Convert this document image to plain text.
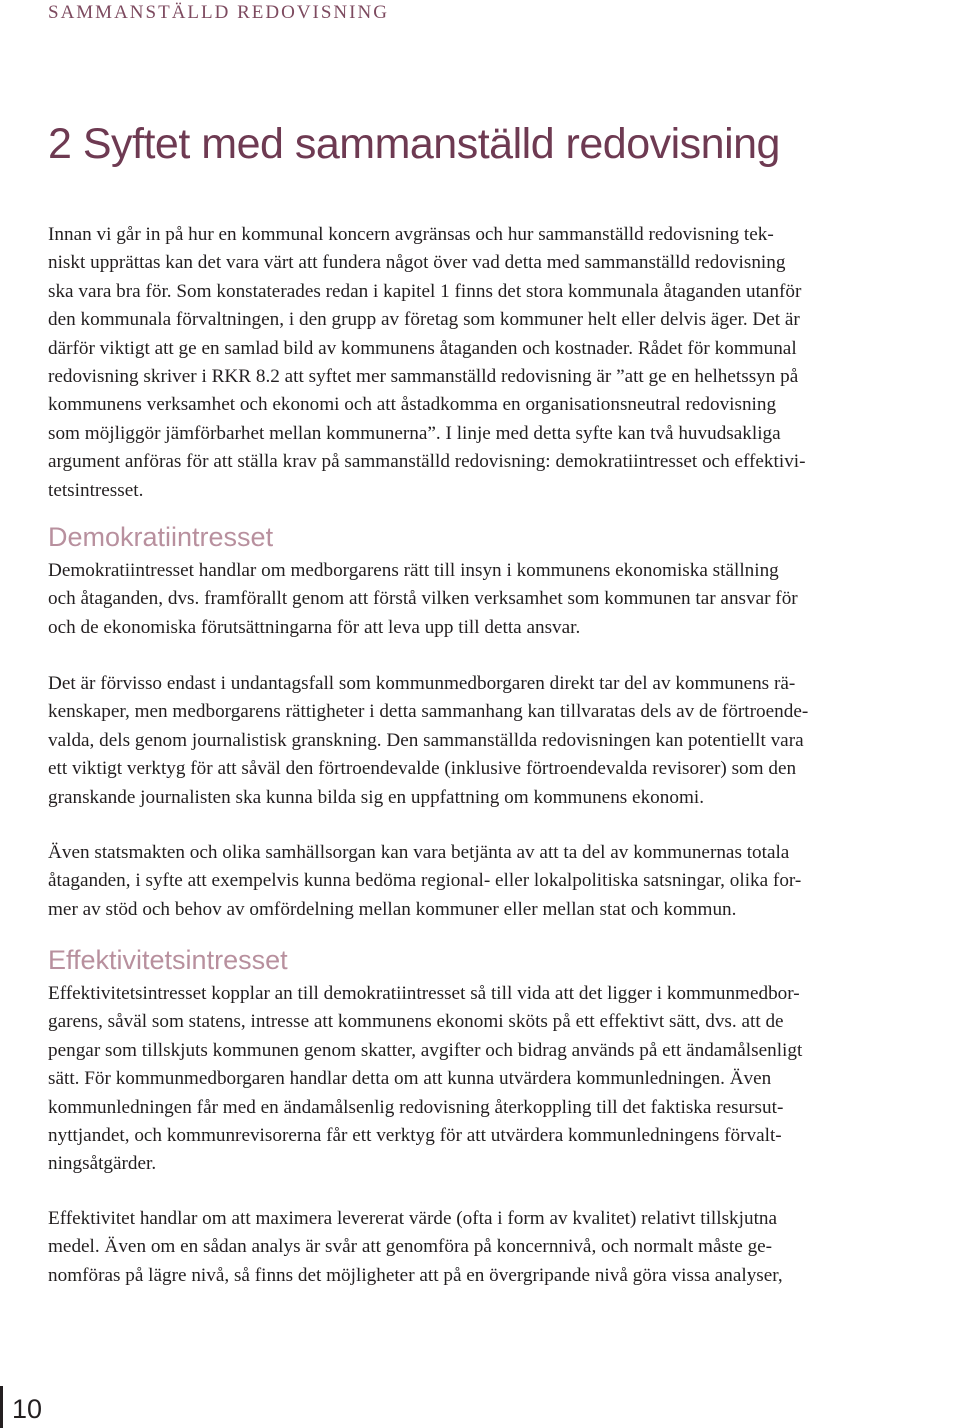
SAMMANSTÄLLD REDOVISNING
2 Syftet med sammanställd redovisning
Innan vi går in på hur en kommunal koncern avgränsas och hur sammanställd redovisning tek-
niskt upprättas kan det vara värt att fundera något över vad detta med sammanställd redovisning
ska vara bra för. Som konstaterades redan i kapitel 1 finns det stora kommunala åtaganden utanför
den kommunala förvaltningen, i den grupp av företag som kommuner helt eller delvis äger. Det är
därför viktigt att ge en samlad bild av kommunens åtaganden och kostnader. Rådet för kommunal
redovisning skriver i RKR 8.2 att syftet mer sammanställd redovisning är ”att ge en helhetssyn på
kommunens verksamhet och ekonomi och att åstadkomma en organisationsneutral redovisning
som möjliggör jämförbarhet mellan kommunerna”. I linje med detta syfte kan två huvudsakliga
argument anföras för att ställa krav på sammanställd redovisning: demokratiintresset och effektivi-
tetsintresset.
Demokratiintresset
Demokratiintresset handlar om medborgarens rätt till insyn i kommunens ekonomiska ställning
och åtaganden, dvs. framförallt genom att förstå vilken verksamhet som kommunen tar ansvar för
och de ekonomiska förutsättningarna för att leva upp till detta ansvar.
Det är förvisso endast i undantagsfall som kommunmedborgaren direkt tar del av kommunens rä-
kenskaper, men medborgarens rättigheter i detta sammanhang kan tillvaratas dels av de förtroende-
valda, dels genom journalistisk granskning. Den sammanställda redovisningen kan potentiellt vara
ett viktigt verktyg för att såväl den förtroendevalde (inklusive förtroendevalda revisorer) som den
granskande journalisten ska kunna bilda sig en uppfattning om kommunens ekonomi.
Även statsmakten och olika samhällsorgan kan vara betjänta av att ta del av kommunernas totala
åtaganden, i syfte att exempelvis kunna bedöma regional- eller lokalpolitiska satsningar, olika for-
mer av stöd och behov av omfördelning mellan kommuner eller mellan stat och kommun.
Effektivitetsintresset
Effektivitetsintresset kopplar an till demokratiintresset så till vida att det ligger i kommunmedbor-
garens, såväl som statens, intresse att kommunens ekonomi sköts på ett effektivt sätt, dvs. att de
pengar som tillskjuts kommunen genom skatter, avgifter och bidrag används på ett ändamålsenligt
sätt. För kommunmedborgaren handlar detta om att kunna utvärdera kommunledningen. Även
kommunledningen får med en ändamålsenlig redovisning återkoppling till det faktiska resursut-
nyttjandet, och kommunrevisorerna får ett verktyg för att utvärdera kommunledningens förvalt-
ningsåtgärder.
Effektivitet handlar om att maximera levererat värde (ofta i form av kvalitet) relativt tillskjutna
medel. Även om en sådan analys är svår att genomföra på koncernnivå, och normalt måste ge-
nomföras på lägre nivå, så finns det möjligheter att på en övergripande nivå göra vissa analyser,
10
